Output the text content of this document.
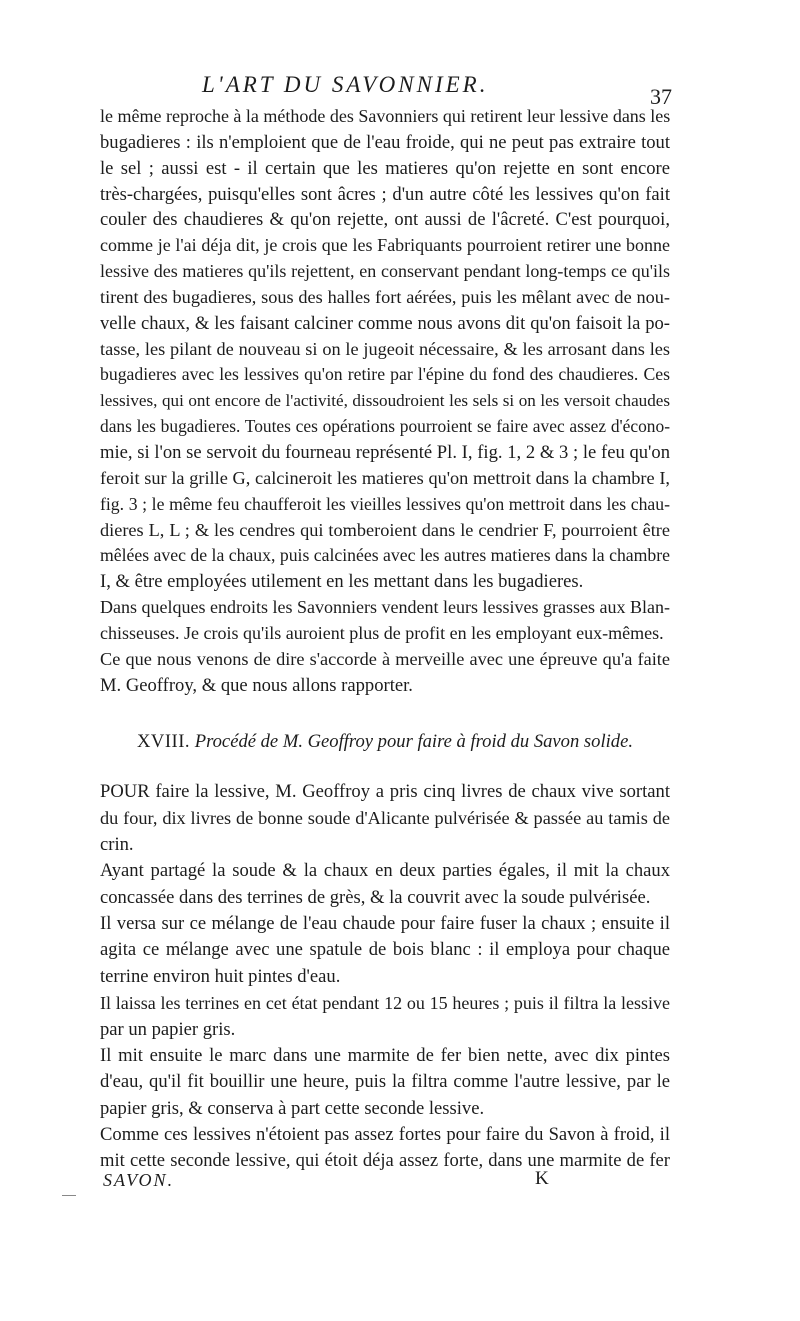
L'ART DU SAVONNIER.	37
le même reproche à la méthode des Savonniers qui retirent leur lessive dans les
bugadieres : ils n'emploient que de l'eau froide, qui ne peut pas extraire tout
le sel ; aussi est - il certain que les matieres qu'on rejette en sont encore
très-chargées, puisqu'elles sont âcres ; d'un autre côté les lessives qu'on fait
couler des chaudieres & qu'on rejette, ont aussi de l'âcreté. C'est pourquoi,
comme je l'ai déja dit, je crois que les Fabriquants pourroient retirer une bonne
lessive des matieres qu'ils rejettent, en conservant pendant long-temps ce qu'ils
tirent des bugadieres, sous des halles fort aérées, puis les mêlant avec de nou-
velle chaux, & les faisant calciner comme nous avons dit qu'on faisoit la po-
tasse, les pilant de nouveau si on le jugeoit nécessaire, & les arrosant dans les
bugadieres avec les lessives qu'on retire par l'épine du fond des chaudieres. Ces
lessives, qui ont encore de l'activité, dissoudroient les sels si on les versoit chaudes
dans les bugadieres. Toutes ces opérations pourroient se faire avec assez d'écono-
mie, si l'on se servoit du fourneau représenté Pl. I, fig. 1, 2 & 3 ; le feu qu'on
feroit sur la grille G, calcineroit les matieres qu'on mettroit dans la chambre I,
fig. 3 ; le même feu chaufferoit les vieilles lessives qu'on mettroit dans les chau-
dieres L, L ; & les cendres qui tomberoient dans le cendrier F, pourroient être
mêlées avec de la chaux, puis calcinées avec les autres matieres dans la chambre
I, & être employées utilement en les mettant dans les bugadieres.
Dans quelques endroits les Savonniers vendent leurs lessives grasses aux Blan-
chisseuses. Je crois qu'ils auroient plus de profit en les employant eux-mêmes.
Ce que nous venons de dire s'accorde à merveille avec une épreuve qu'a faite
M. Geoffroy, & que nous allons rapporter.
XVIII. Procédé de M. Geoffroy pour faire à froid du Savon solide.
POUR faire la lessive, M. Geoffroy a pris cinq livres de chaux vive sortant
du four, dix livres de bonne soude d'Alicante pulvérisée & passée au tamis de
crin.
Ayant partagé la soude & la chaux en deux parties égales, il mit la chaux
concassée dans des terrines de grès, & la couvrit avec la soude pulvérisée.
Il versa sur ce mélange de l'eau chaude pour faire fuser la chaux ; ensuite il
agita ce mélange avec une spatule de bois blanc : il employa pour chaque
terrine environ huit pintes d'eau.
Il laissa les terrines en cet état pendant 12 ou 15 heures ; puis il filtra la lessive
par un papier gris.
Il mit ensuite le marc dans une marmite de fer bien nette, avec dix pintes
d'eau, qu'il fit bouillir une heure, puis la filtra comme l'autre lessive, par le
papier gris, & conserva à part cette seconde lessive.
Comme ces lessives n'étoient pas assez fortes pour faire du Savon à froid, il
mit cette seconde lessive, qui étoit déja assez forte, dans une marmite de fer
SAVON.	K
